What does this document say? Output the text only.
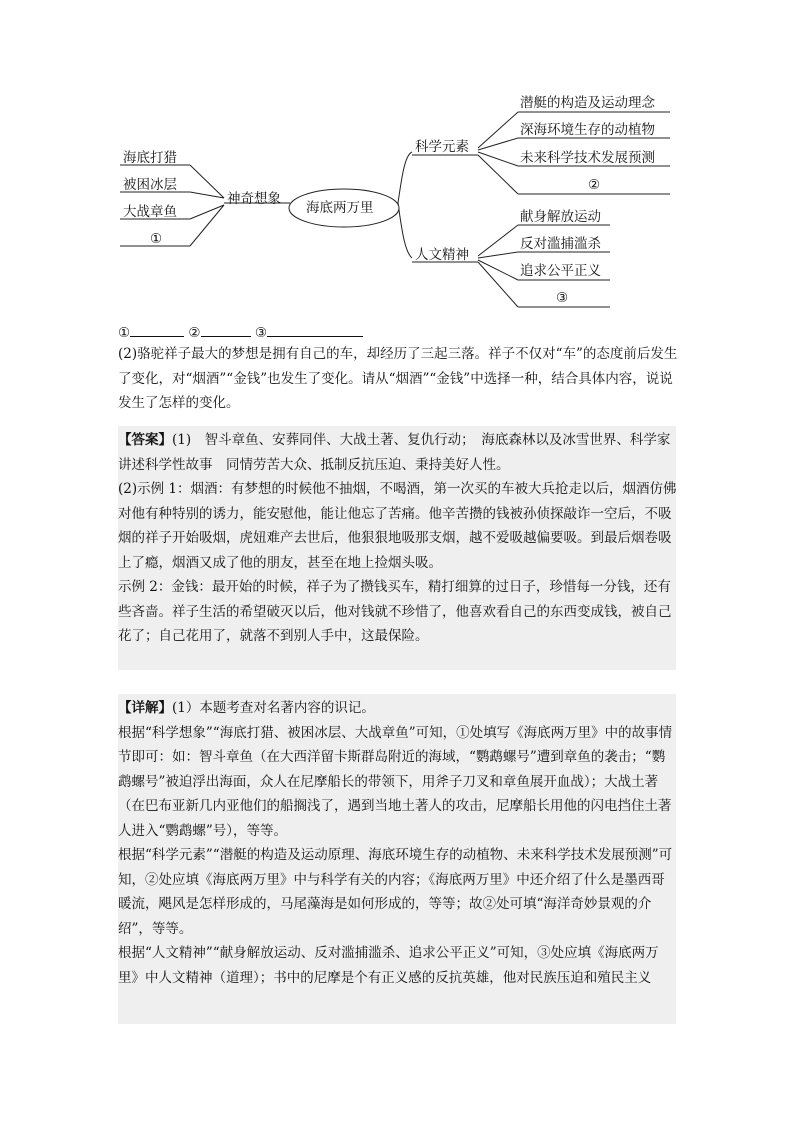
海底打猎
被困冰层
大战章鱼
①
神奇想象
海底两万里
科学元素
潜艇的构造及运动理念
深海环境生存的动植物
未来科学技术发展预测
②
人文精神
献身解放运动
反对滥捕滥杀
追求公平正义
③
①	②	③

(2)骆驼祥子最大的梦想是拥有自己的车，却经历了三起三落。祥子不仅对“车”的态度前后发生了变化，对“烟酒”“金钱”也发生了变化。请从“烟酒”“金钱”中选择一种，结合具体内容，说说发生了怎样的变化。

【答案】(1)　智斗章鱼、安葬同伴、大战土著、复仇行动；　海底森林以及冰雪世界、科学家讲述科学性故事　同情劳苦大众、抵制反抗压迫、秉持美好人性。

(2)示例 1：烟酒：有梦想的时候他不抽烟，不喝酒，第一次买的车被大兵抢走以后，烟酒仿佛对他有种特别的诱力，能安慰他，能让他忘了苦痛。他辛苦攒的钱被孙侦探敲诈一空后，不吸烟的祥子开始吸烟，虎妞难产去世后，他狠狠地吸那支烟，越不爱吸越偏要吸。到最后烟卷吸上了瘾，烟酒又成了他的朋友，甚至在地上捡烟头吸。

示例 2：金钱：最开始的时候，祥子为了攒钱买车，精打细算的过日子，珍惜每一分钱，还有些吝啬。祥子生活的希望破灭以后，他对钱就不珍惜了，他喜欢看自己的东西变成钱，被自己花了；自己花用了，就落不到别人手中，这最保险。

【详解】(1）本题考查对名著内容的识记。

根据“科学想象”“海底打猎、被困冰层、大战章鱼”可知，①处填写《海底两万里》中的故事情节即可：如：智斗章鱼（在大西洋留卡斯群岛附近的海域，“鹦鹉螺号”遭到章鱼的袭击；“鹦鹉螺号”被迫浮出海面，众人在尼摩船长的带领下，用斧子刀叉和章鱼展开血战）；大战土著（在巴布亚新几内亚他们的船搁浅了，遇到当地土著人的攻击，尼摩船长用他的闪电挡住土著人进入“鹦鹉螺”号），等等。

根据“科学元素”“潜艇的构造及运动原理、海底环境生存的动植物、未来科学技术发展预测”可知，②处应填《海底两万里》中与科学有关的内容；《海底两万里》中还介绍了什么是墨西哥暖流，飓风是怎样形成的，马尾藻海是如何形成的，等等；故②处可填“海洋奇妙景观的介绍”，等等。

根据“人文精神”“献身解放运动、反对滥捕滥杀、追求公平正义”可知，③处应填《海底两万里》中人文精神（道理）；书中的尼摩是个有正义感的反抗英雄，他对民族压迫和殖民主义
